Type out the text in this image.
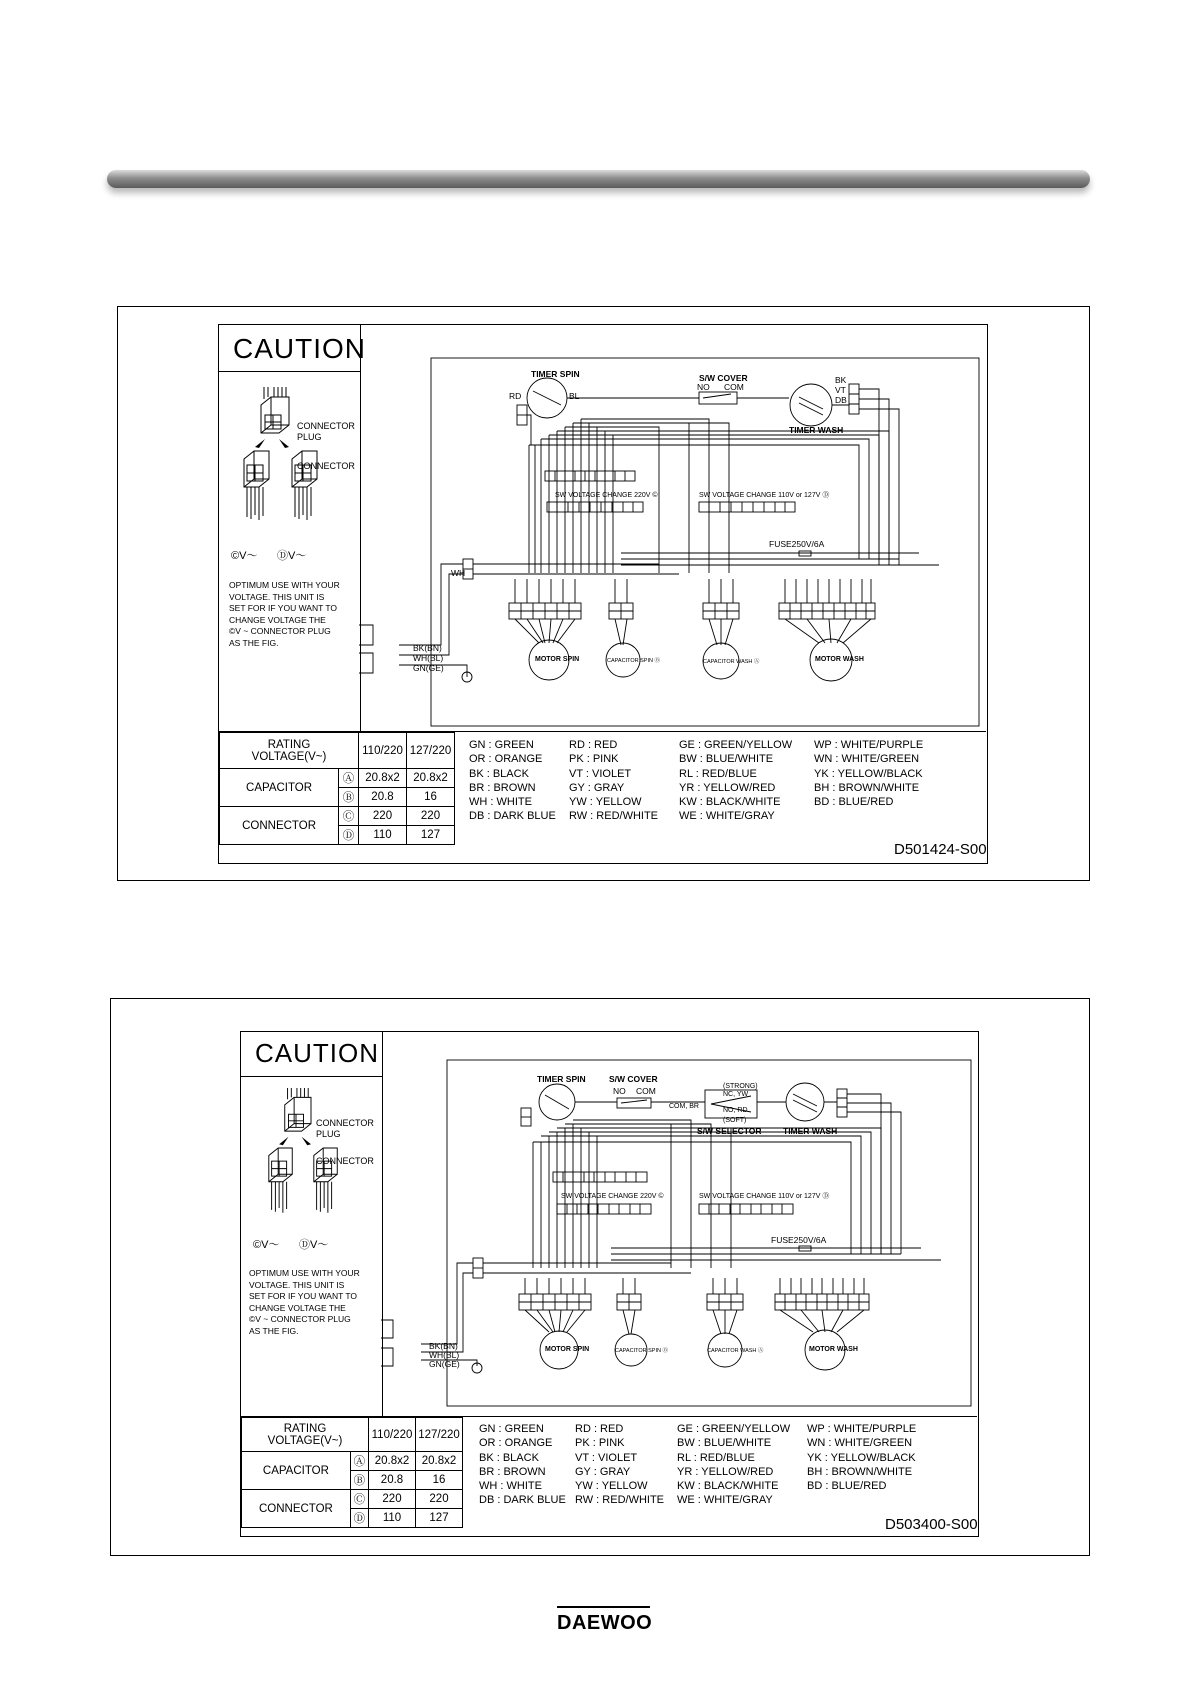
CAUTION
CONNECTOR PLUG
CONNECTOR
©V～ ⒹV～
OPTIMUM USE WITH YOUR
VOLTAGE. THIS UNIT IS
SET FOR IF YOU WANT TO
CHANGE VOLTAGE THE
©V ~ CONNECTOR PLUG
AS THE FIG.
TIMER SPIN	S/W COVER
NO COM
TIMER WASH
RD	BL
BK
VT
DB
SW VOLTAGE CHANGE 220V ©	SW VOLTAGE CHANGE 110V or 127V Ⓓ
FUSE250V/6A
WH
BK(BN)
WH(BL)
GN(GE)
MOTOR SPIN	CAPACITOR SPIN Ⓑ	CAPACITOR WASH Ⓐ	MOTOR WASH
RATING
VOLTAGE(V~)		110/220	127/220
CAPACITOR	Ⓐ	20.8x2	20.8x2
	Ⓑ	20.8	16
CONNECTOR	Ⓒ	220	220
	Ⓓ	110	127
GN : GREEN
OR : ORANGE
BK : BLACK
BR : BROWN
WH : WHITE
DB : DARK BLUE
RD : RED
PK : PINK
VT : VIOLET
GY : GRAY
YW : YELLOW
RW : RED/WHITE
GE : GREEN/YELLOW
BW : BLUE/WHITE
RL : RED/BLUE
YR : YELLOW/RED
KW : BLACK/WHITE
WE : WHITE/GRAY
WP : WHITE/PURPLE
WN : WHITE/GREEN
YK : YELLOW/BLACK
BH : BROWN/WHITE
BD : BLUE/RED
D501424-S00
CAUTION
CONNECTOR PLUG
CONNECTOR
©V～ ⒹV～
OPTIMUM USE WITH YOUR
VOLTAGE. THIS UNIT IS
SET FOR IF YOU WANT TO
CHANGE VOLTAGE THE
©V ~ CONNECTOR PLUG
AS THE FIG.
TIMER SPIN	S/W COVER
NO COM	(STRONG)
NC, YW
COM, BR
NO, RD
(SOFT)
S/W SELECTOR	TIMER WASH
SW VOLTAGE CHANGE 220V ©	SW VOLTAGE CHANGE 110V or 127V Ⓓ
FUSE250V/6A
BK(BN)
WH(BL)
GN(GE)
MOTOR SPIN	CAPACITOR SPIN Ⓑ	CAPACITOR WASH Ⓐ	MOTOR WASH
RATING
VOLTAGE(V~)		110/220	127/220
CAPACITOR	Ⓐ	20.8x2	20.8x2
	Ⓑ	20.8	16
CONNECTOR	Ⓒ	220	220
	Ⓓ	110	127
GN : GREEN
OR : ORANGE
BK : BLACK
BR : BROWN
WH : WHITE
DB : DARK BLUE
RD : RED
PK : PINK
VT : VIOLET
GY : GRAY
YW : YELLOW
RW : RED/WHITE
GE : GREEN/YELLOW
BW : BLUE/WHITE
RL : RED/BLUE
YR : YELLOW/RED
KW : BLACK/WHITE
WE : WHITE/GRAY
WP : WHITE/PURPLE
WN : WHITE/GREEN
YK : YELLOW/BLACK
BH : BROWN/WHITE
BD : BLUE/RED
D503400-S00
DAEWOO
